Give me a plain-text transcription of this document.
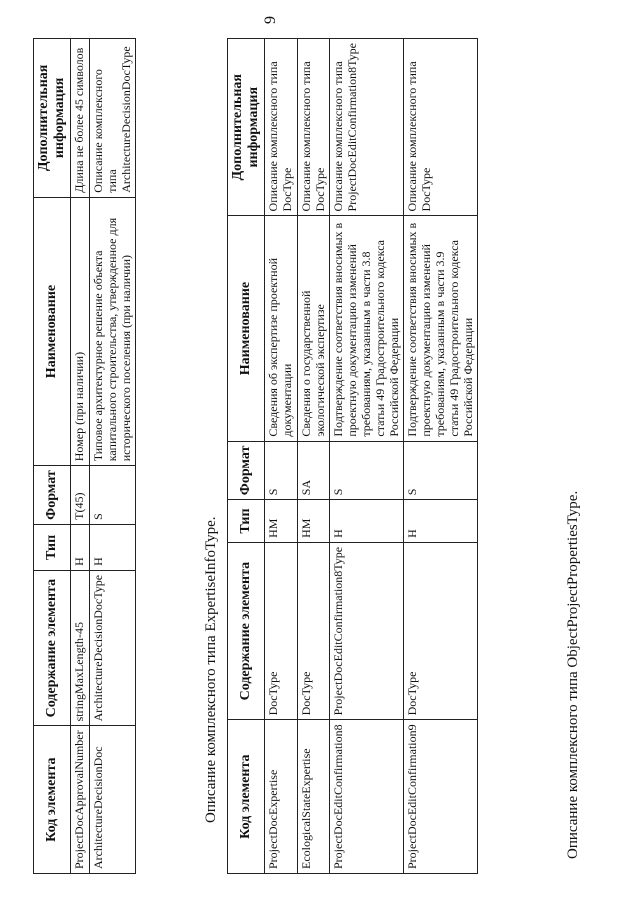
9
Код элемента	Содержание элемента	Тип	Формат	Наименование	Дополнительная информация
ProjectDocApprovalNumber	stringMaxLength-45	Н	T(45)	Номер (при наличии)	Длина не более 45 символов
ArchitectureDecisionDoc	ArchitectureDecisionDocType	Н	S	Типовое архитектурное решение объекта капитального строительства, утвержденное для исторического поселения (при наличии)	Описание комплексного типа ArchitectureDecisionDocType
Описание комплексного типа ExpertiseInfoType. Код элемента	Содержание элемента	Тип	Формат	Наименование	Дополнительная информация
ProjectDocExpertise	DocType	НМ	S	Сведения об экспертизе проектной документации	Описание комплексного типа DocType
EcologicalStateExpertise	DocType	НМ	SA	Сведения о государственной экологической экспертизе	Описание комплексного типа DocType
ProjectDocEditConfirmation8	ProjectDocEditConfirmation8Type	Н	S	Подтверждение соответствия вносимых в проектную документацию изменений требованиям, указанным в части 3.8 статьи 49 Градостроительного кодекса Российской Федерации	Описание комплексного типа ProjectDocEditConfirmation8Type
ProjectDocEditConfirmation9	DocType	Н	S	Подтверждение соответствия вносимых в проектную документацию изменений требованиям, указанным в части 3.9 статьи 49 Градостроительного кодекса Российской Федерации	Описание комплексного типа DocType
Описание комплексного типа ObjectProjectPropertiesType.
